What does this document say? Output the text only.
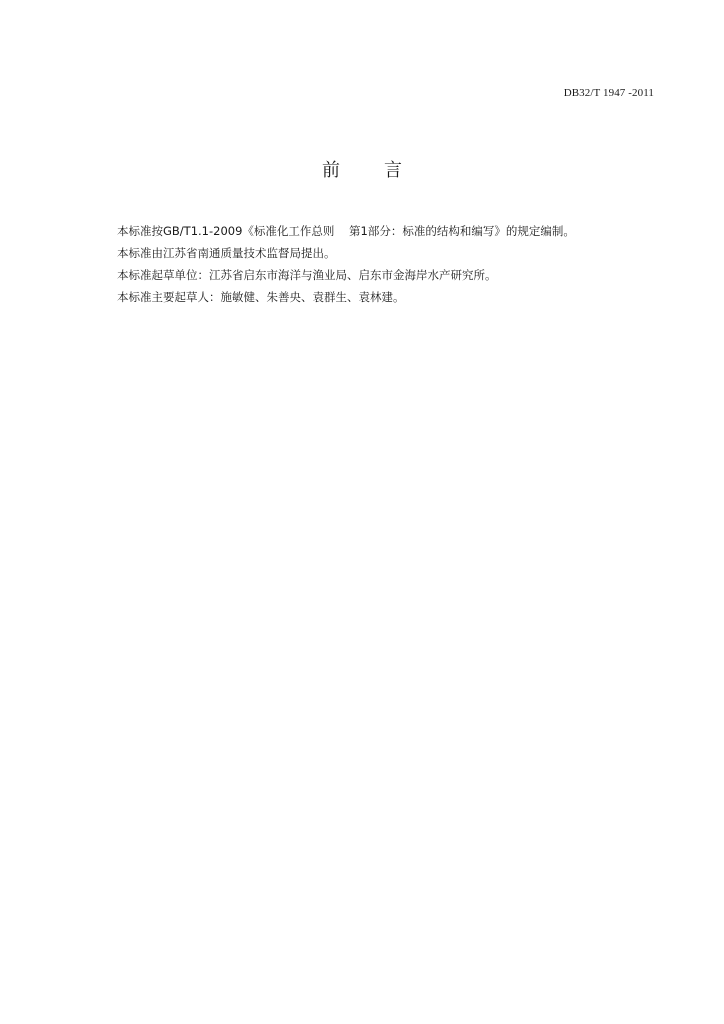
DB32/T 1947 -2011
前言

本标准按GB/T1.1-2009《标准化工作总则    第1部分：标准的结构和编写》的规定编制。

本标准由江苏省南通质量技术监督局提出。

本标准起草单位：江苏省启东市海洋与渔业局、启东市金海岸水产研究所。

本标准主要起草人：施敏健、朱善央、袁群生、袁林建。
